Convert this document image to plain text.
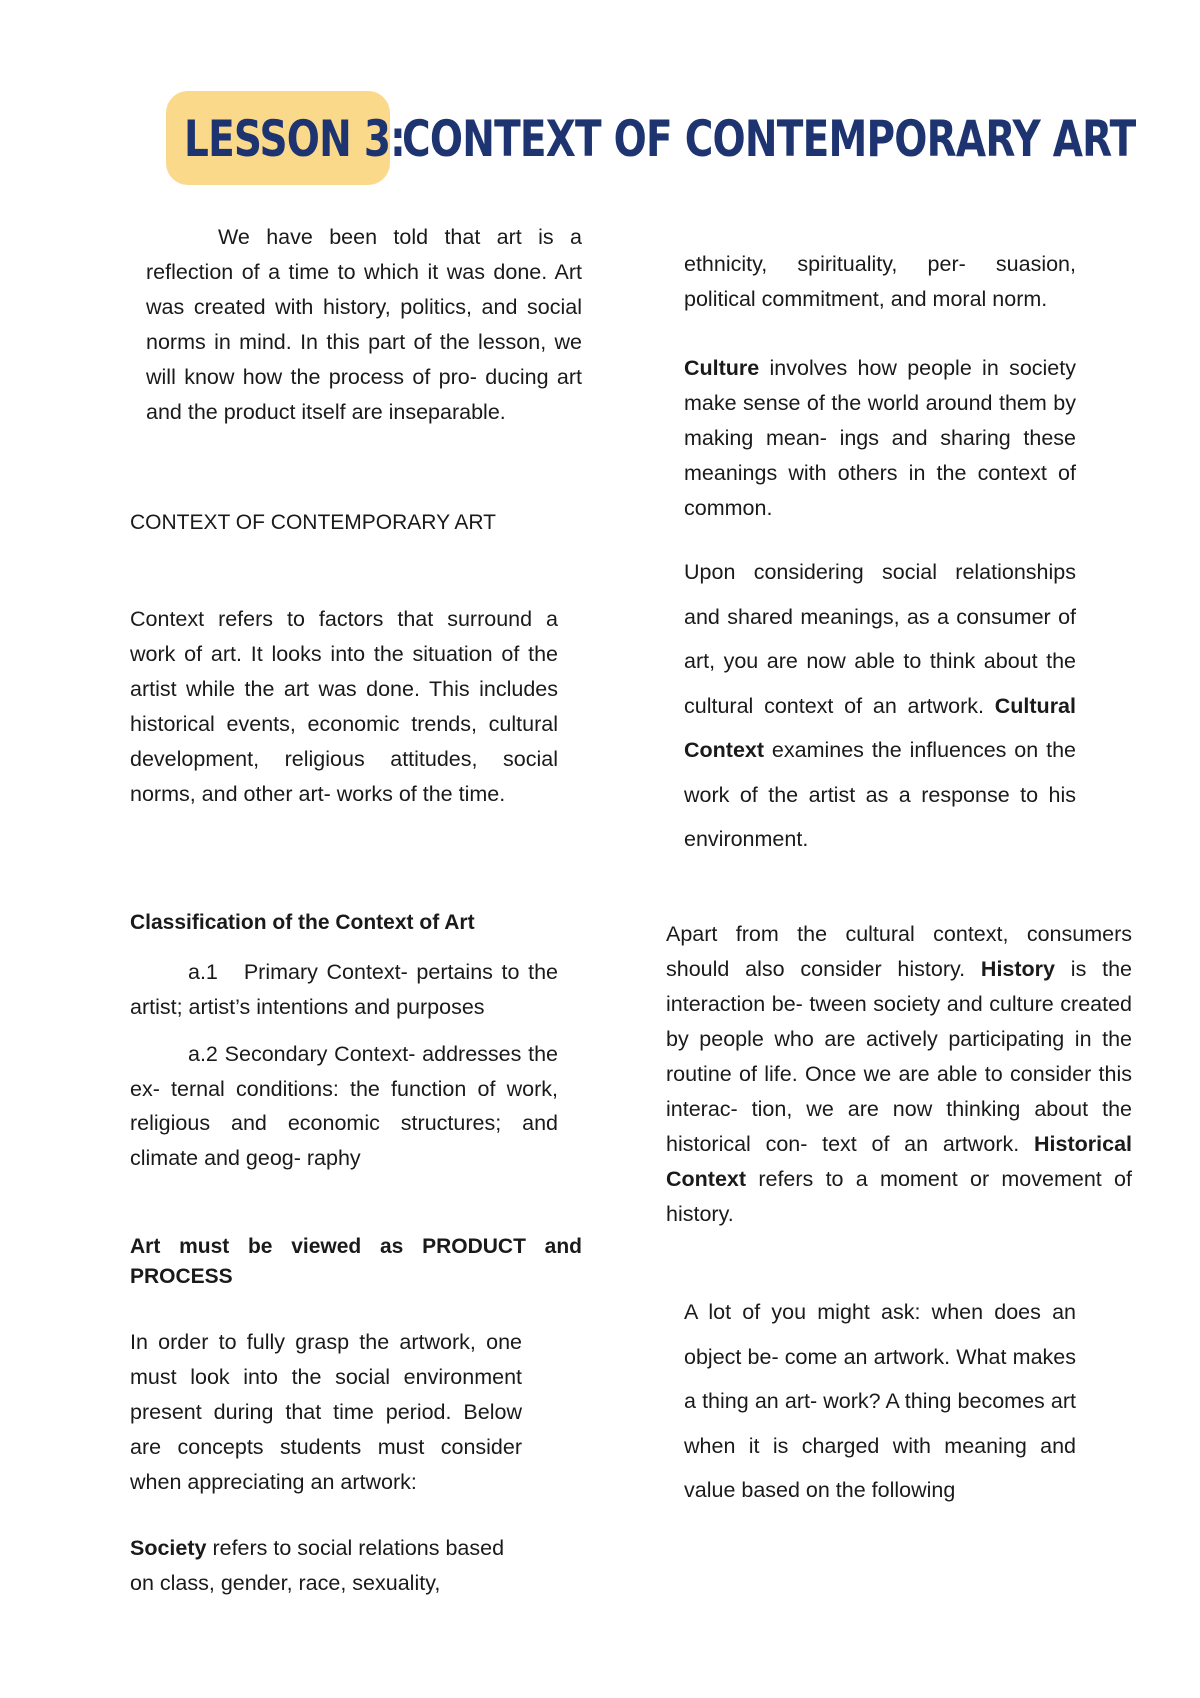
LESSON 3:
CONTEXT OF CONTEMPORARY ART

We have been told that art is a reflection of a time to which it was done. Art was created with history, politics, and social norms in mind. In this part of the lesson, we will know how the process of pro- ducing art and the product itself are inseparable.

CONTEXT OF CONTEMPORARY ART

Context refers to factors that surround a work of art. It looks into the situation of the artist while the art was done. This includes historical events, economic trends, cultural development, religious attitudes, social norms, and other art- works of the time.

Classification of the Context of Art

a.1 Primary Context- pertains to the artist; artist’s intentions and purposes

a.2 Secondary Context- addresses the ex- ternal conditions: the function of work, religious and economic structures; and climate and geog- raphy

Art must be viewed as PRODUCT and PROCESS

In order to fully grasp the artwork, one must look into the social environment present during that time period. Below are concepts students must consider when appreciating an artwork:

Society refers to social relations based on class, gender, race, sexuality,

ethnicity, spirituality, per- suasion, political commitment, and moral norm.

Culture involves how people in society make sense of the world around them by making mean- ings and sharing these meanings with others in the context of common.

Upon considering social relationships and shared meanings, as a consumer of art, you are now able to think about the cultural context of an artwork. Cultural Context examines the influences on the work of the artist as a response to his environment.

Apart from the cultural context, consumers should also consider history. History is the interaction be- tween society and culture created by people who are actively participating in the routine of life. Once we are able to consider this interac- tion, we are now thinking about the historical con- text of an artwork. Historical Context refers to a moment or movement of history.

A lot of you might ask: when does an object be- come an artwork. What makes a thing an art- work? A thing becomes art when it is charged with meaning and value based on the following
